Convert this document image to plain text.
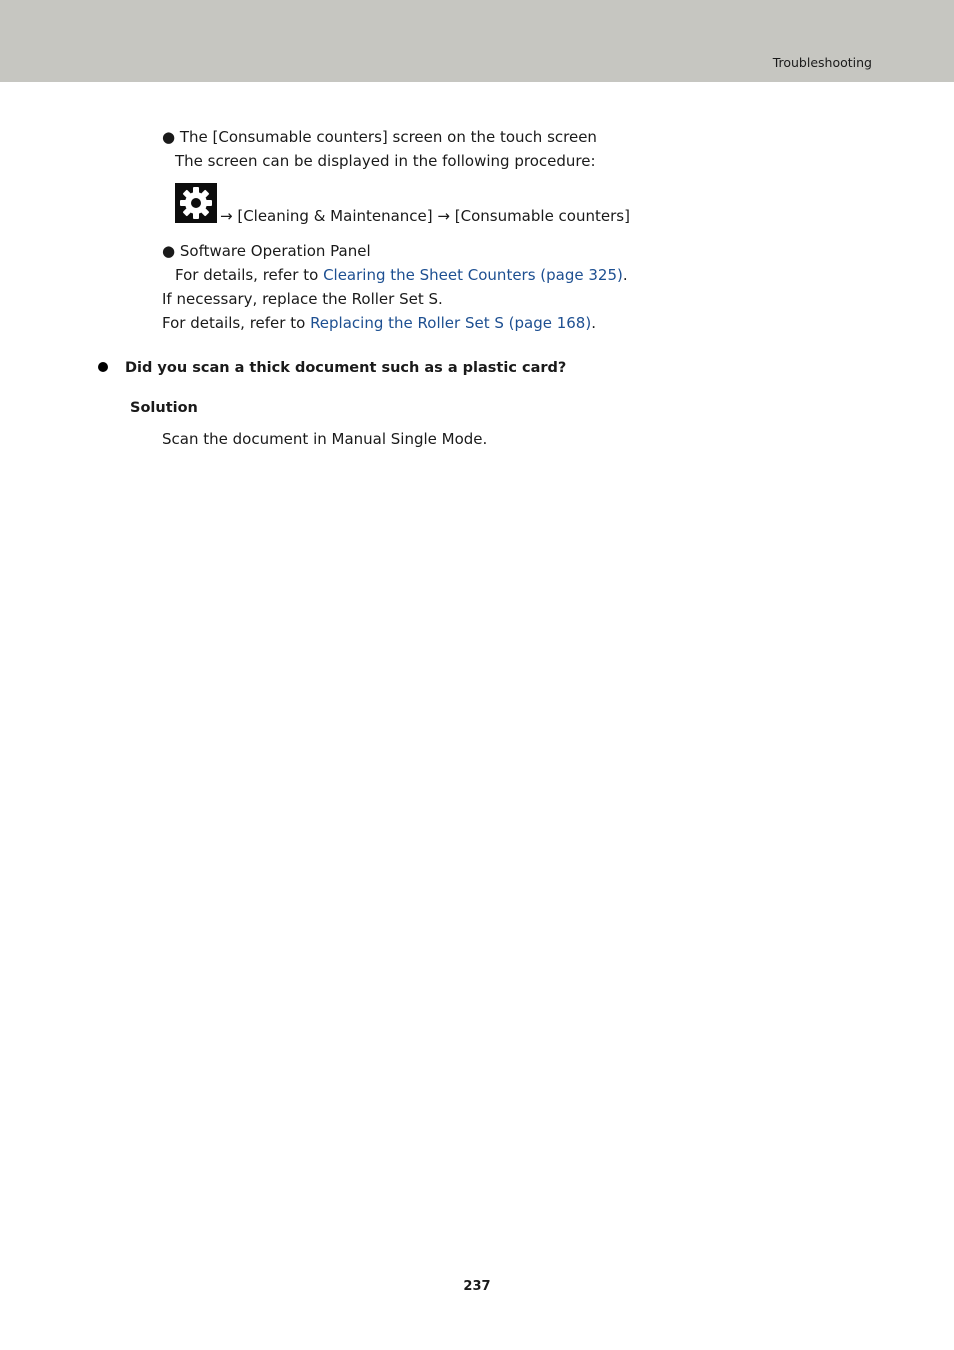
Troubleshooting
● The [Consumable counters] screen on the touch screen
The screen can be displayed in the following procedure:
→ [Cleaning & Maintenance] → [Consumable counters]
● Software Operation Panel
For details, refer to Clearing the Sheet Counters (page 325).
If necessary, replace the Roller Set S.
For details, refer to Replacing the Roller Set S (page 168).
Did you scan a thick document such as a plastic card?
Solution
Scan the document in Manual Single Mode.
237
